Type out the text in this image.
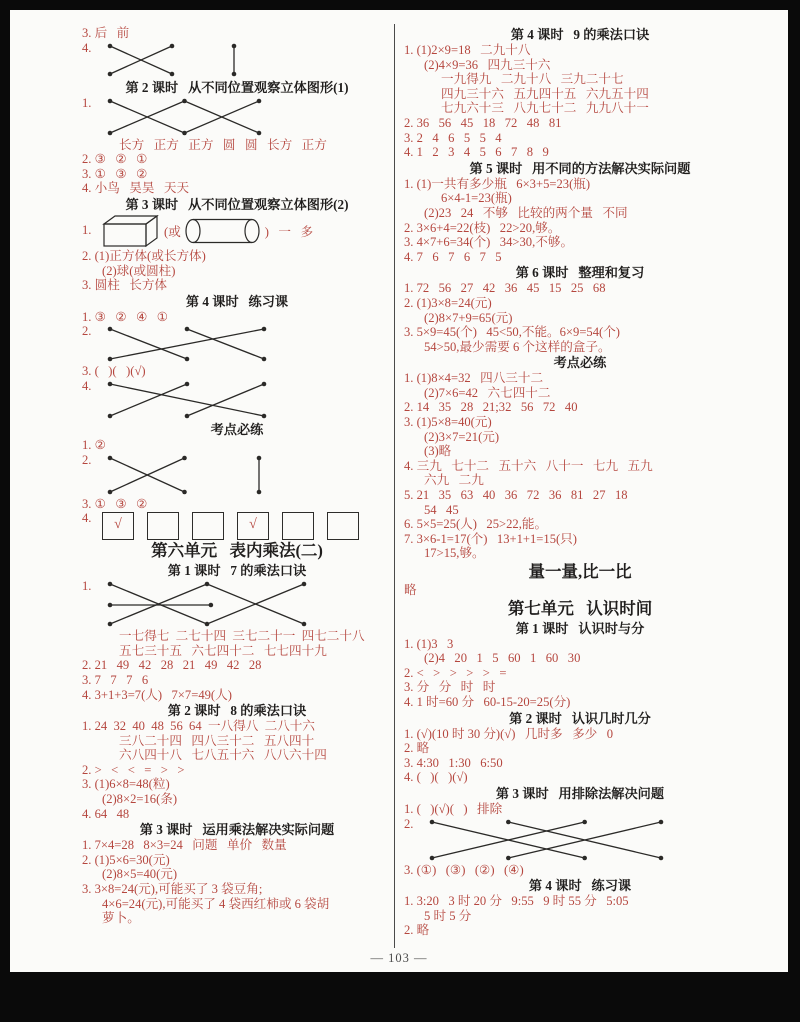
3. 后   前
4.
第 2 课时   从不同位置观察立体图形(1)
1.
长方   正方   正方   圆   圆   长方   正方
2. ③   ②   ①
3. ①   ③   ②
4. 小鸟   昊昊   天天
第 3 课时   从不同位置观察立体图形(2)
1.	(或	)   一   多
2. (1)正方体(或长方体)
(2)球(或圆柱)
3. 圆柱   长方体
第 4 课时   练习课
1. ③   ②   ④   ①
2.
3. (   )(   )(√)
4.
考点必练
1. ②
2.
3. ①   ③   ②
4.	√	√
第六单元   表内乘法(二)
第 1 课时   7 的乘法口诀
1.
一七得七  二七十四  三七二十一  四七二十八
五七三十五   六七四十二   七七四十九
2. 21   49   42   28   21   49   42   28
3. 7   7   7   6
4. 3+1+3=7(人)   7×7=49(人)
第 2 课时   8 的乘法口诀
1. 24  32  40  48  56  64  一八得八  二八十六
三八二十四   四八三十二   五八四十
六八四十八   七八五十六   八八六十四
2. >   <   <   =   >   >
3. (1)6×8=48(粒)
(2)8×2=16(条)
4. 64   48
第 3 课时   运用乘法解决实际问题
1. 7×4=28   8×3=24   问题   单价   数量
2. (1)5×6=30(元)
(2)8×5=40(元)
3. 3×8=24(元),可能买了 3 袋豆角;
4×6=24(元),可能买了 4 袋西红柿或 6 袋胡
萝卜。
第 4 课时   9 的乘法口诀
1. (1)2×9=18   二九十八
(2)4×9=36   四九三十六
一九得九   二九十八   三九二十七
四九三十六   五九四十五   六九五十四
七九六十三   八九七十二   九九八十一
2. 36   56   45   18   72   48   81
3. 2   4   6   5   5   4
4. 1   2   3   4   5   6   7   8   9
第 5 课时   用不同的方法解决实际问题
1. (1)一共有多少瓶   6×3+5=23(瓶)
6×4-1=23(瓶)
(2)23   24   不够   比较的两个量   不同
2. 3×6+4=22(枝)   22>20,够。
3. 4×7+6=34(个)   34>30,不够。
4. 7   6   7   6   7   5
第 6 课时   整理和复习
1. 72   56   27   42   36   45   15   25   68
2. (1)3×8=24(元)
(2)8×7+9=65(元)
3. 5×9=45(个)   45<50,不能。6×9=54(个)
54>50,最少需要 6 个这样的盒子。
考点必练
1. (1)8×4=32   四八三十二
(2)7×6=42   六七四十二
2. 14   35   28   21;32   56   72   40
3. (1)5×8=40(元)
(2)3×7=21(元)
(3)略
4. 三九   七十二   五十六   八十一   七九   五九
六九   二九
5. 21   35   63   40   36   72   36   81   27   18
54   45
6. 5×5=25(人)   25>22,能。
7. 3×6-1=17(个)   13+1+1=15(只)
17>15,够。
量一量,比一比
略
第七单元   认识时间
第 1 课时   认识时与分
1. (1)3   3
(2)4   20   1   5   60   1   60   30
2. <   >   >   >   >   =
3. 分   分   时   时
4. 1 时=60 分   60-15-20=25(分)
第 2 课时   认识几时几分
1. (√)(10 时 30 分)(√)   几时多   多少   0
2. 略
3. 4:30   1:30   6:50
4. (   )(   )(√)
第 3 课时   用排除法解决问题
1. (   )(√)(   )   排除
2.
3. (①)   (③)   (②)   (④)
第 4 课时   练习课
1. 3:20   3 时 20 分   9:55   9 时 55 分   5:05
5 时 5 分
2. 略
— 103 —
